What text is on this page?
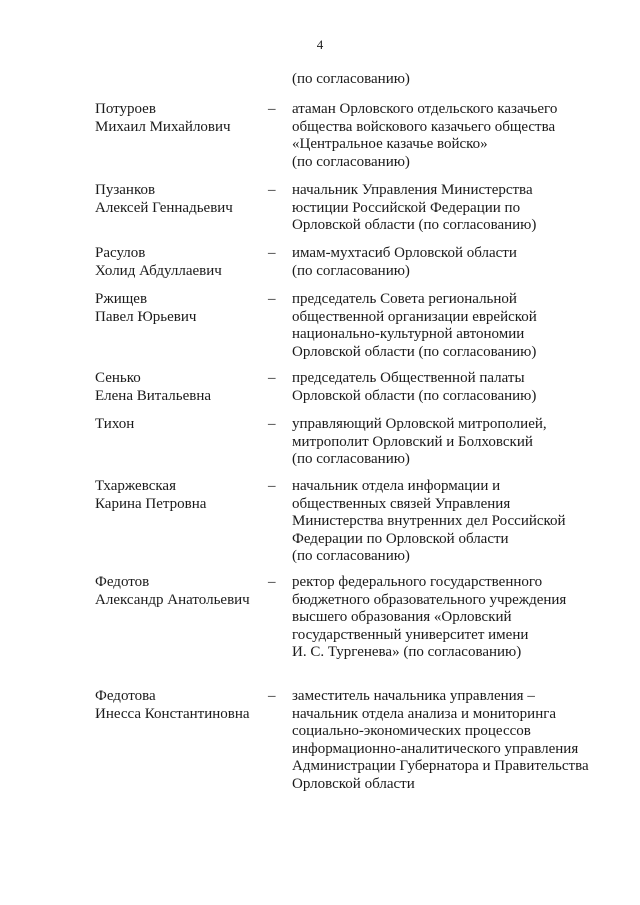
4
(по согласованию)
Потуроев
Михаил Михайлович
– атаман Орловского отдельского казачьего
общества войскового казачьего общества
«Центральное казачье войско»
(по согласованию)
Пузанков
Алексей Геннадьевич
– начальник Управления Министерства
юстиции Российской Федерации по
Орловской области (по согласованию)
Расулов
Холид Абдуллаевич
– имам-мухтасиб Орловской области
(по согласованию)
Ржищев
Павел Юрьевич
– председатель Совета региональной
общественной организации еврейской
национально-культурной автономии
Орловской области (по согласованию)
Сенько
Елена Витальевна
– председатель Общественной палаты
Орловской области (по согласованию)
Тихон	– управляющий Орловской митрополией,
митрополит Орловский и Болховский
(по согласованию)
Тхаржевская
Карина Петровна
– начальник отдела информации и
общественных связей Управления
Министерства внутренних дел Российской
Федерации по Орловской области
(по согласованию)
Федотов
Александр Анатольевич
– ректор федерального государственного
бюджетного образовательного учреждения
высшего образования «Орловский
государственный университет имени
И. С. Тургенева» (по согласованию)
Федотова
Инесса Константиновна
– заместитель начальника управления –
начальник отдела анализа и мониторинга
социально-экономических процессов
информационно-аналитического управления
Администрации Губернатора и Правительства
Орловской области
